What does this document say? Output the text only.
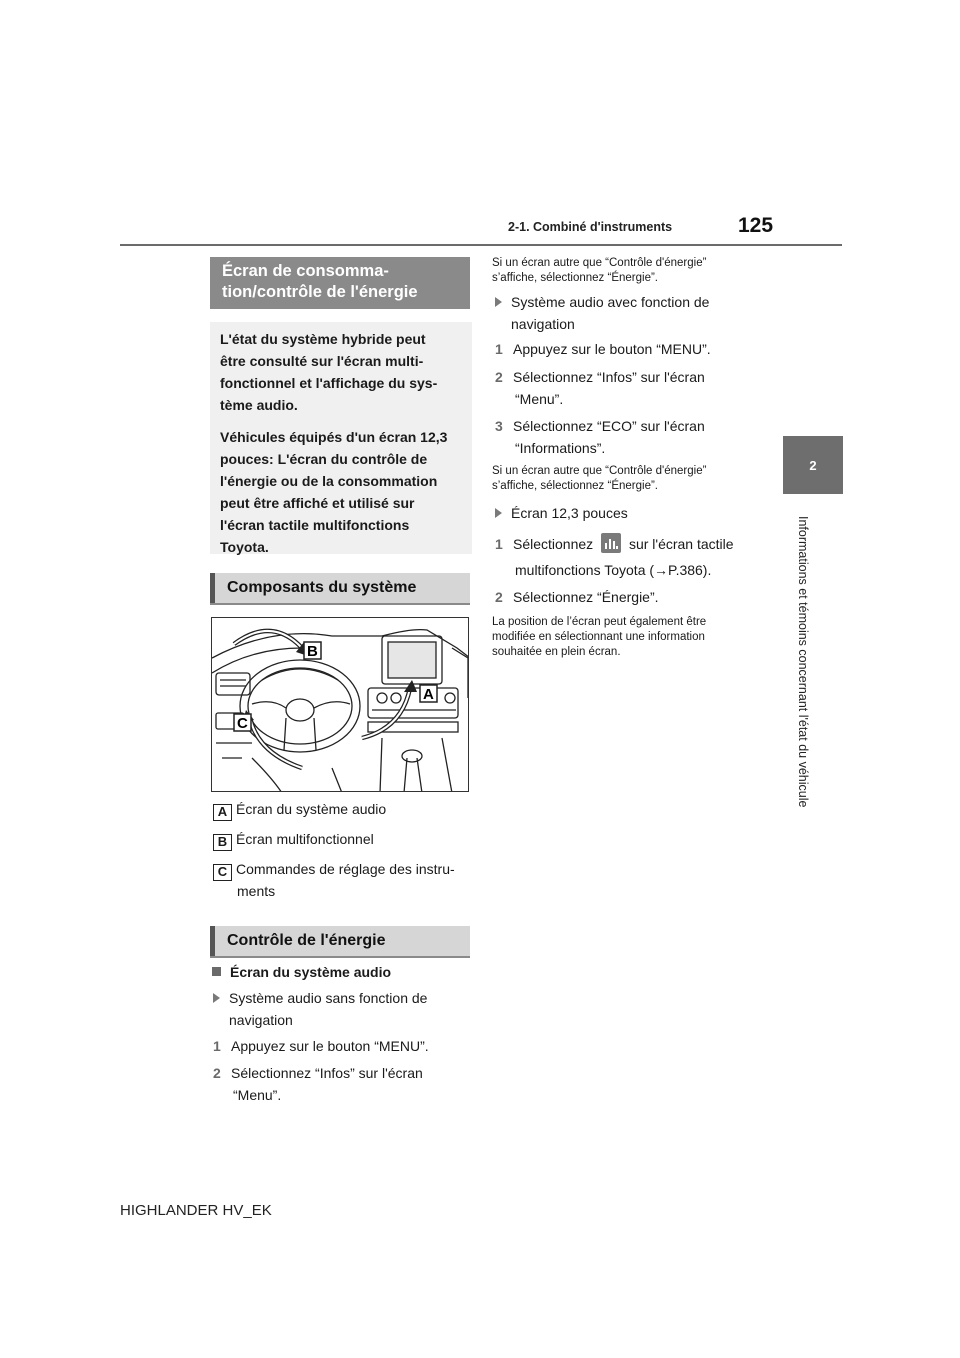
2-1. Combiné d'instruments	125
2
Informations et témoins concernant l'état du véhicule
Écran de consomma-
tion/contrôle de l'énergie
L'état du système hybride peut
être consulté sur l'écran multi-
fonctionnel et l'affichage du sys-
tème audio.
Véhicules équipés d'un écran 12,3
pouces: L'écran du contrôle de
l'énergie ou de la consommation
peut être affiché et utilisé sur
l'écran tactile multifonctions
Toyota.
Composants du système
B
A
C
A Écran du système audio
B Écran multifonctionnel
C Commandes de réglage des instru-
ments
Contrôle de l'énergie
Écran du système audio
Système audio sans fonction de
navigation
1 Appuyez sur le bouton “MENU”.
2 Sélectionnez “Infos” sur l'écran
“Menu”.
Si un écran autre que “Contrôle d'énergie”
s’affiche, sélectionnez “Énergie”.
Système audio avec fonction de
navigation
1 Appuyez sur le bouton “MENU”.
2 Sélectionnez “Infos” sur l'écran
“Menu”.
3 Sélectionnez “ECO” sur l'écran
“Informations”.
Si un écran autre que “Contrôle d'énergie”
s’affiche, sélectionnez “Énergie”.
Écran 12,3 pouces
1 Sélectionnez	sur l'écran tactile
multifonctions Toyota (→P.386).
2 Sélectionnez “Énergie”.
La position de l’écran peut également être
modifiée en sélectionnant une information
souhaitée en plein écran.
HIGHLANDER HV_EK
